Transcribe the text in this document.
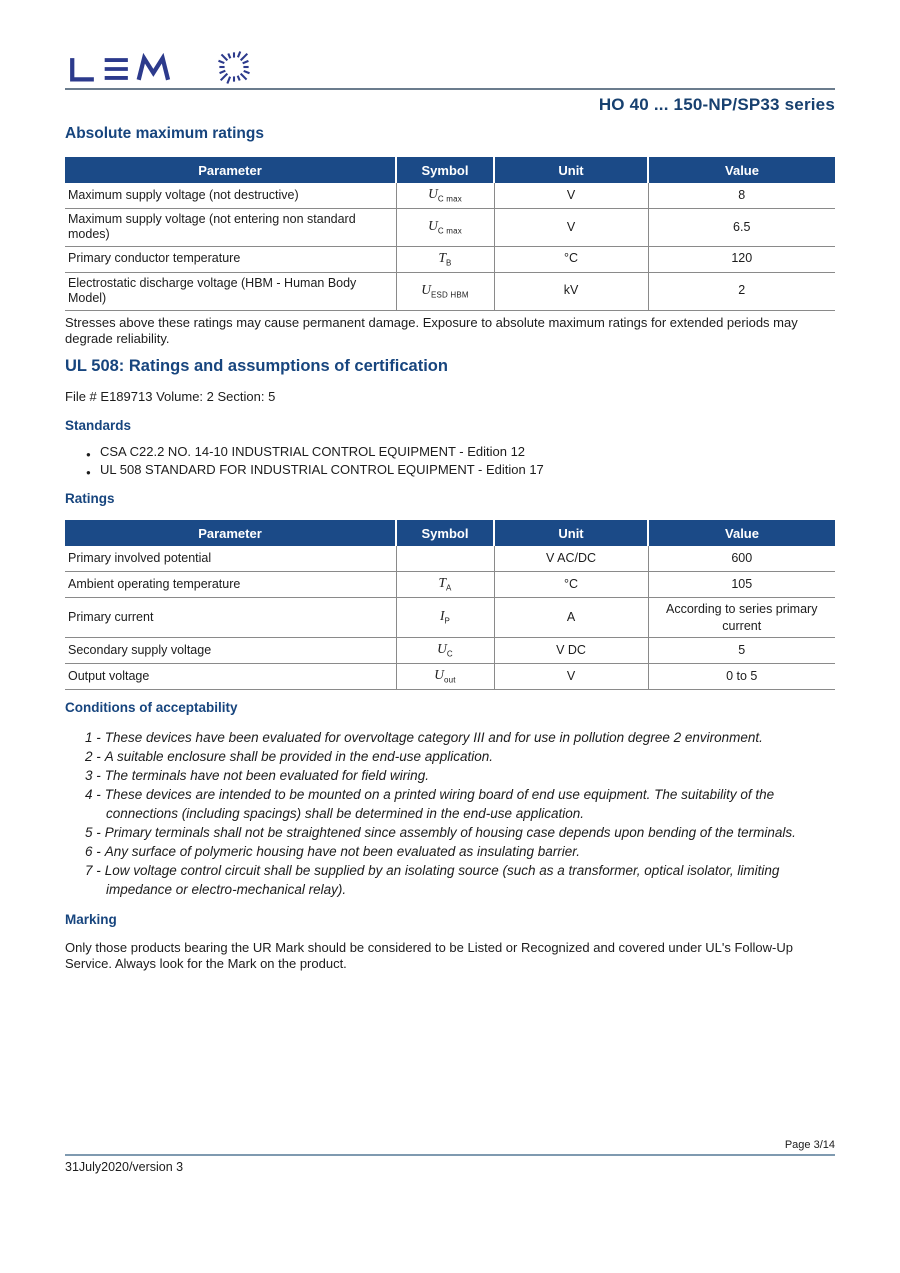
HO 40 ... 150-NP/SP33 series
Absolute maximum ratings
Parameter	Symbol	Unit	Value
Maximum supply voltage (not destructive)	$U_{C max}$	V	8
Maximum supply voltage (not entering non standard modes)	$U_{C max}$	V	6.5
Primary conductor temperature	$T_B$	°C	120
Electrostatic discharge voltage (HBM - Human Body Model)	$U_{ESD HBM}$	kV	2
Stresses above these ratings may cause permanent damage. Exposure to absolute maximum ratings for extended periods may degrade reliability.
UL 508: Ratings and assumptions of certification
File # E189713 Volume: 2 Section: 5
Standards
● CSA C22.2 NO. 14-10 INDUSTRIAL CONTROL EQUIPMENT - Edition 12
● UL 508 STANDARD FOR INDUSTRIAL CONTROL EQUIPMENT - Edition 17
Ratings
Parameter	Symbol	Unit	Value
Primary involved potential		V AC/DC	600
Ambient operating temperature	$T_A$	°C	105
Primary current	$I_P$	A	According to series primary current
Secondary supply voltage	$U_C$	V DC	5
Output voltage	$U_{out}$	V	0 to 5
Conditions of acceptability
1 - These devices have been evaluated for overvoltage category III and for use in pollution degree 2 environment.
2 - A suitable enclosure shall be provided in the end-use application.
3 - The terminals have not been evaluated for field wiring.
4 - These devices are intended to be mounted on a printed wiring board of end use equipment. The suitability of the connections (including spacings) shall be determined in the end-use application.
5 - Primary terminals shall not be straightened since assembly of housing case depends upon bending of the terminals.
6 - Any surface of polymeric housing have not been evaluated as insulating barrier.
7 - Low voltage control circuit shall be supplied by an isolating source (such as a transformer, optical isolator, limiting impedance or electro-mechanical relay).
Marking
Only those products bearing the UR Mark should be considered to be Listed or Recognized and covered under UL's Follow-Up Service. Always look for the Mark on the product.
Page 3/14
31July2020/version 3
